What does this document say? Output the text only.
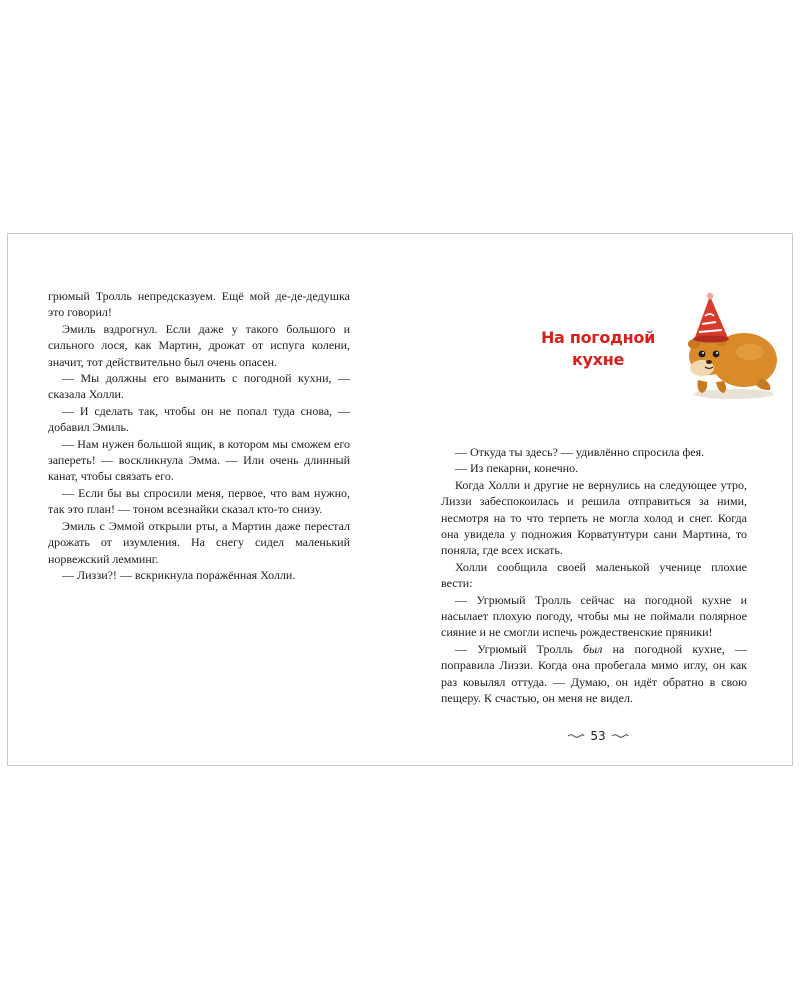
грюмый Тролль непредсказуем. Ещё мой де-де-дедушка это говорил!

Эмиль вздрогнул. Если даже у такого большого и сильного лося, как Мартин, дрожат от испуга колени, значит, тот действительно был очень опасен.

— Мы должны его выманить с погодной кухни, — сказала Холли.

— И сделать так, чтобы он не попал туда снова, — добавил Эмиль.

— Нам нужен большой ящик, в котором мы сможем его запереть! — воскликнула Эмма. — Или очень длинный канат, чтобы связать его.

— Если бы вы спросили меня, первое, что вам нужно, так это план! — тоном всезнайки сказал кто-то снизу.

Эмиль с Эммой открыли рты, а Мартин даже перестал дрожать от изумления. На снегу сидел маленький норвежский лемминг.

— Лиззи?! — вскрикнула поражённая Холли.

На погодной
кухне

— Откуда ты здесь? — удивлённо спросила фея.

— Из пекарни, конечно.

Когда Холли и другие не вернулись на следующее утро, Лиззи забеспокоилась и решила отправиться за ними, несмотря на то что терпеть не могла холод и снег. Когда она увидела у подножия Корватунтури сани Мартина, то поняла, где всех искать.

Холли сообщила своей маленькой ученице плохие вести:

— Угрюмый Тролль сейчас на погодной кухне и насылает плохую погоду, чтобы мы не поймали полярное сияние и не смогли испечь рождественские пряники!

— Угрюмый Тролль был на погодной кухне, — поправила Лиззи. Когда она пробегала мимо иглу, он как раз ковылял оттуда. — Думаю, он идёт обратно в свою пещеру. К счастью, он меня не видел.

53
